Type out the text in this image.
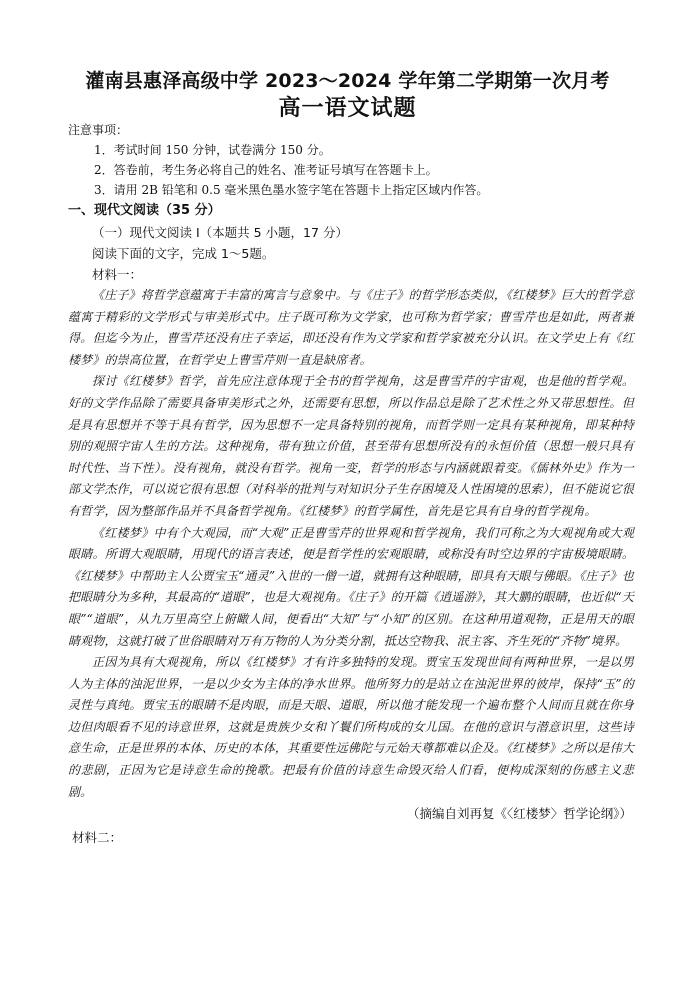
灌南县惠泽高级中学 2023～2024 学年第二学期第一次月考
高一语文试题

注意事项：

1．考试时间 150 分钟，试卷满分 150 分。

2．答卷前，考生务必将自己的姓名、准考证号填写在答题卡上。

3．请用 2B 铅笔和 0.5 毫米黑色墨水签字笔在答题卡上指定区域内作答。

一、现代文阅读（35 分）

（一）现代文阅读 I（本题共 5 小题，17 分）

阅读下面的文字，完成 1～5题。

材料一：

《庄子》将哲学意蕴寓于丰富的寓言与意象中。与《庄子》的哲学形态类似，《红楼梦》巨大的哲学意蕴寓于精彩的文学形式与审美形式中。庄子既可称为文学家，也可称为哲学家；曹雪芹也是如此，两者兼得。但迄今为止，曹雪芹还没有庄子幸运，即还没有作为文学家和哲学家被充分认识。在文学史上有《红楼梦》的崇高位置，在哲学史上曹雪芹则一直是缺席者。

探讨《红楼梦》哲学，首先应注意体现于全书的哲学视角，这是曹雪芹的宇宙观，也是他的哲学观。好的文学作品除了需要具备审美形式之外，还需要有思想，所以作品总是除了艺术性之外又带思想性。但是具有思想并不等于具有哲学，因为思想不一定具备特别的视角，而哲学则一定具有某种视角，即某种特别的观照宇宙人生的方法。这种视角，带有独立价值，甚至带有思想所没有的永恒价值（思想一般只具有时代性、当下性）。没有视角，就没有哲学。视角一变，哲学的形态与内涵就跟着变。《儒林外史》作为一部文学杰作，可以说它很有思想（对科举的批判与对知识分子生存困境及人性困境的思索），但不能说它很有哲学，因为整部作品并不具备哲学视角。《红楼梦》的哲学属性，首先是它具有自身的哲学视角。

《红楼梦》中有个大观园，而“大观”正是曹雪芹的世界观和哲学视角，我们可称之为大观视角或大观眼睛。所谓大观眼睛，用现代的语言表述，便是哲学性的宏观眼睛，或称没有时空边界的宇宙极境眼睛。《红楼梦》中帮助主人公贾宝玉“通灵”入世的一僧一道，就拥有这种眼睛，即具有天眼与佛眼。《庄子》也把眼睛分为多种，其最高的“道眼”，也是大观视角。《庄子》的开篇《逍遥游》，其大鹏的眼睛，也近似“天眼”“道眼”，从九万里高空上俯瞰人间，便看出“大知”与“小知”的区别。在这种用道观物，正是用天的眼睛观物，这就打破了世俗眼睛对万有万物的人为分类分割，抵达空物我、泯主客、齐生死的“齐物”境界。

正因为具有大观视角，所以《红楼梦》才有许多独特的发现。贾宝玉发现世间有两种世界，一是以男人为主体的浊泥世界，一是以少女为主体的净水世界。他所努力的是站立在浊泥世界的彼岸，保持“玉”的灵性与真纯。贾宝玉的眼睛不是肉眼，而是天眼、道眼，所以他才能发现一个遍布整个人间而且就在你身边但肉眼看不见的诗意世界，这就是贵族少女和丫鬟们所构成的女儿国。在他的意识与潜意识里，这些诗意生命，正是世界的本体、历史的本体，其重要性远佛陀与元始天尊都难以企及。《红楼梦》之所以是伟大的悲剧，正因为它是诗意生命的挽歌。把最有价值的诗意生命毁灭给人们看，便构成深刻的伤感主义悲剧。

（摘编自刘再复《〈红楼梦〉哲学论纲》）

材料二：
